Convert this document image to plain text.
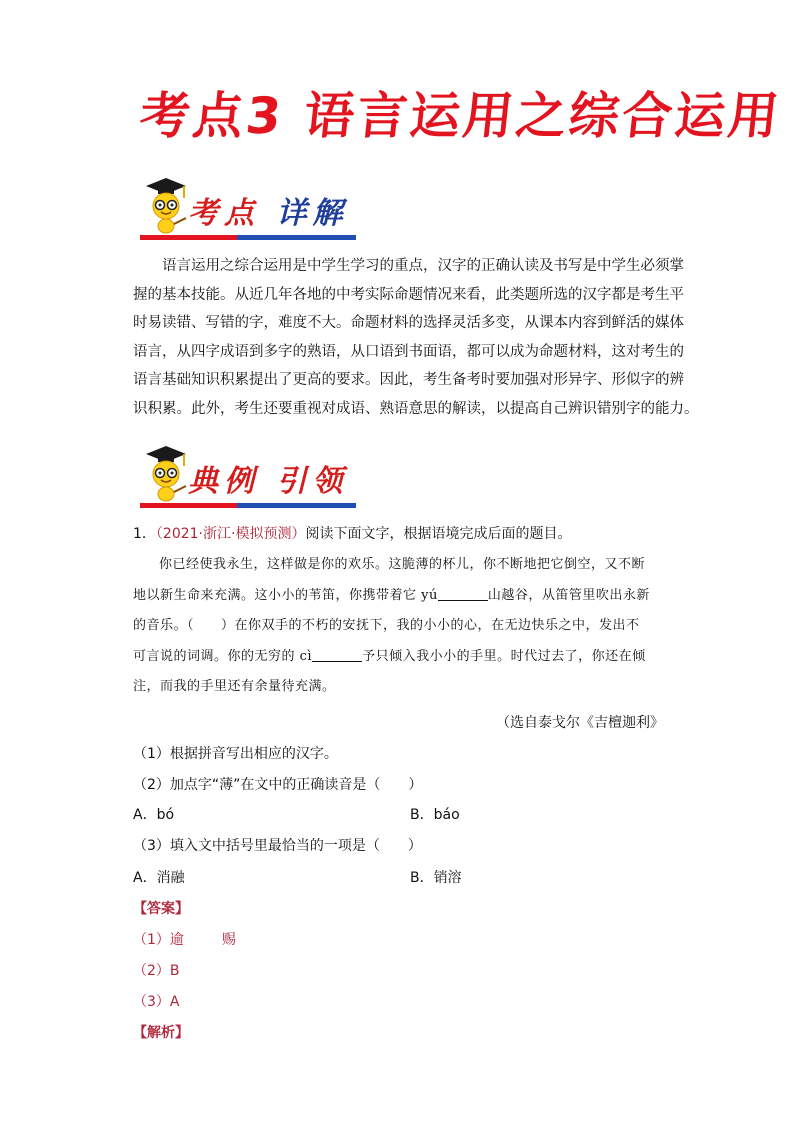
考点3 语言运用之综合运用
考点 详解
语言运用之综合运用是中学生学习的重点，汉字的正确认读及书写是中学生必须掌
握的基本技能。从近几年各地的中考实际命题情况来看，此类题所选的汉字都是考生平
时易读错、写错的字，难度不大。命题材料的选择灵活多变，从课本内容到鲜活的媒体
语言，从四字成语到多字的熟语，从口语到书面语，都可以成为命题材料，这对考生的
语言基础知识积累提出了更高的要求。因此，考生备考时要加强对形异字、形似字的辨
识积累。此外，考生还要重视对成语、熟语意思的解读，以提高自己辨识错别字的能力。
典例 引领
1．（2021·浙江·模拟预测）阅读下面文字，根据语境完成后面的题目。
你已经使我永生，这样做是你的欢乐。这脆薄的杯儿，你不断地把它倒空，又不断
地以新生命来充满。这小小的苇笛，你携带着它 yú	山越谷，从笛管里吹出永新
的音乐。（　　）在你双手的不朽的安抚下，我的小小的心，在无边快乐之中，发出不
可言说的词调。你的无穷的 cì	予只倾入我小小的手里。时代过去了，你还在倾
注，而我的手里还有余量待充满。
（选自泰戈尔《吉檀迦利》
（1）根据拼音写出相应的汉字。
（2）加点字“薄”在文中的正确读音是（　　）
A．bó	B．báo
（3）填入文中括号里最恰当的一项是（　　）
A．消融	B．销溶
【答案】
（1）逾	赐
（2）B
（3）A
【解析】
